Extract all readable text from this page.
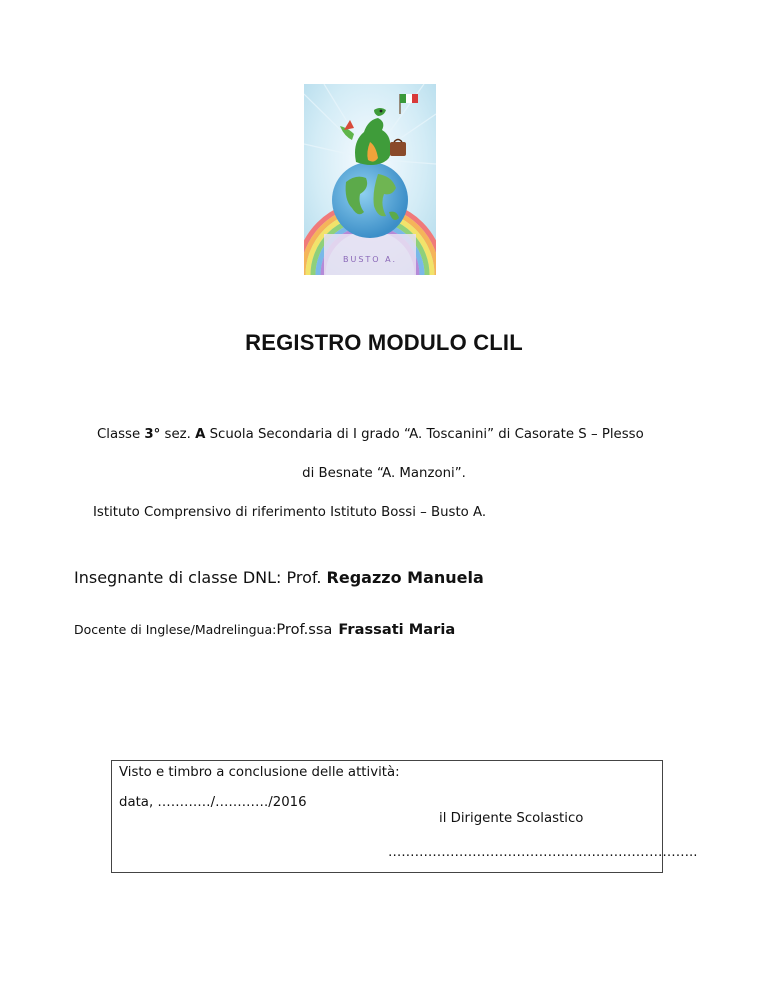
BUSTO A.
REGISTRO MODULO CLIL
Classe 3° sez. A Scuola Secondaria di I grado “A. Toscanini” di Casorate S – Plesso
di Besnate “A. Manzoni”.
Istituto Comprensivo di riferimento Istituto Bossi – Busto A.
Insegnante di classe DNL: Prof. Regazzo Manuela
Docente di Inglese/Madrelingua:Prof.ssa Frassati Maria
Visto e timbro a conclusione delle attività:
data, …………/…………/2016
il Dirigente Scolastico
…………………………………..………………………..
